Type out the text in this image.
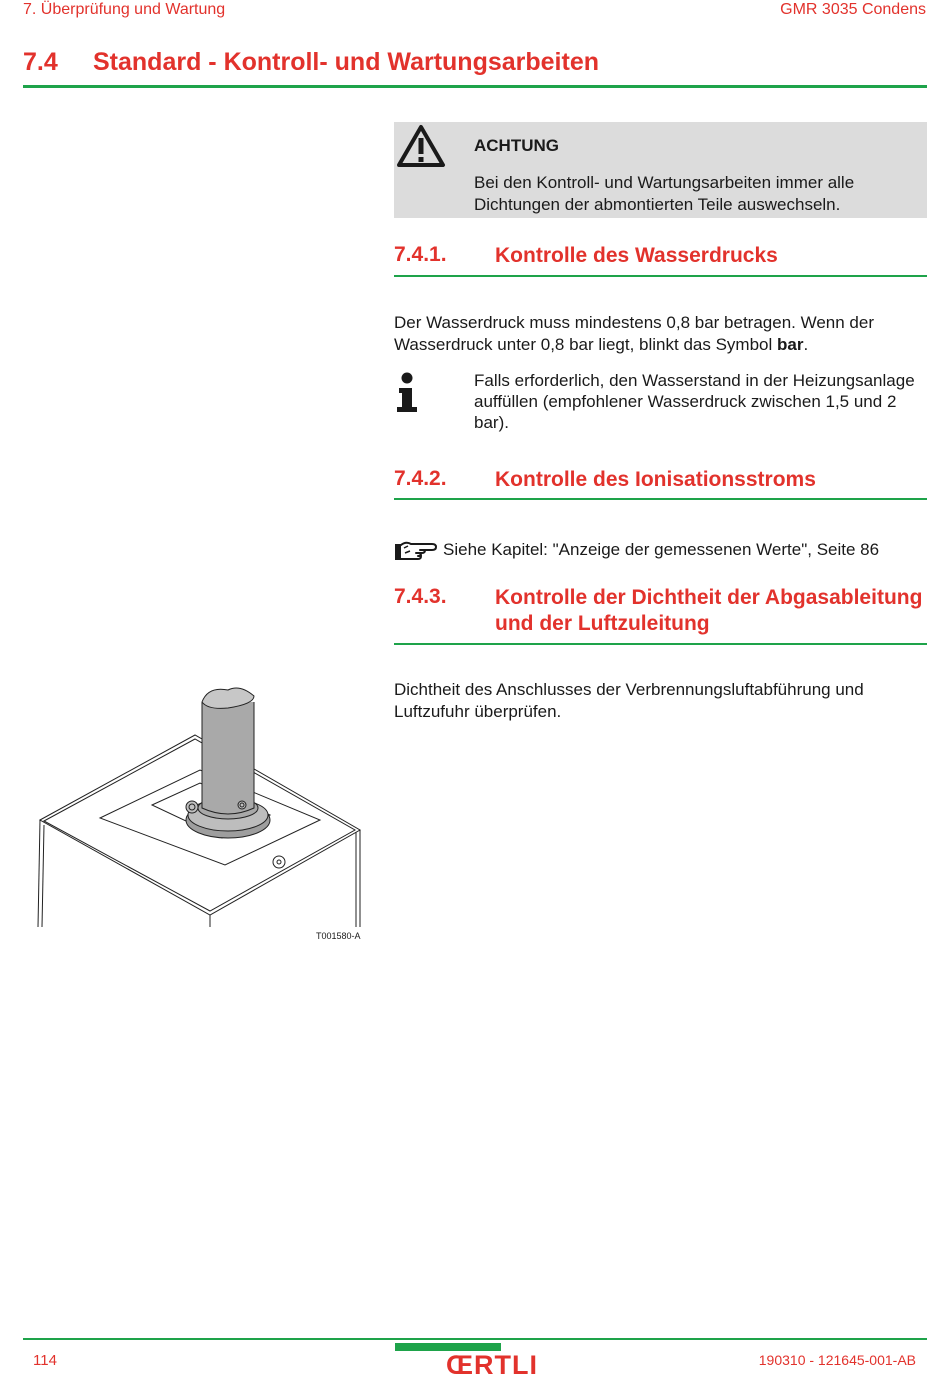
7. Überprüfung und Wartung	GMR 3035 Condens
7.4 Standard - Kontroll- und Wartungsarbeiten
ACHTUNG
Bei den Kontroll- und Wartungsarbeiten immer alle Dichtungen der abmontierten Teile auswechseln.
7.4.1. Kontrolle des Wasserdrucks
Der Wasserdruck muss mindestens 0,8 bar betragen. Wenn der Wasserdruck unter 0,8 bar liegt, blinkt das Symbol bar.
Falls erforderlich, den Wasserstand in der Heizungsanlage auffüllen (empfohlener Wasserdruck zwischen 1,5 und 2 bar).
7.4.2. Kontrolle des Ionisationsstroms
Siehe Kapitel: "Anzeige der gemessenen Werte", Seite 86
7.4.3. Kontrolle der Dichtheit der Abgasableitung
und der Luftzuleitung
Dichtheit des Anschlusses der Verbrennungsluftabführung und Luftzufuhr überprüfen.
T001580-A
114	ŒRTLI	190310 - 121645-001-AB
